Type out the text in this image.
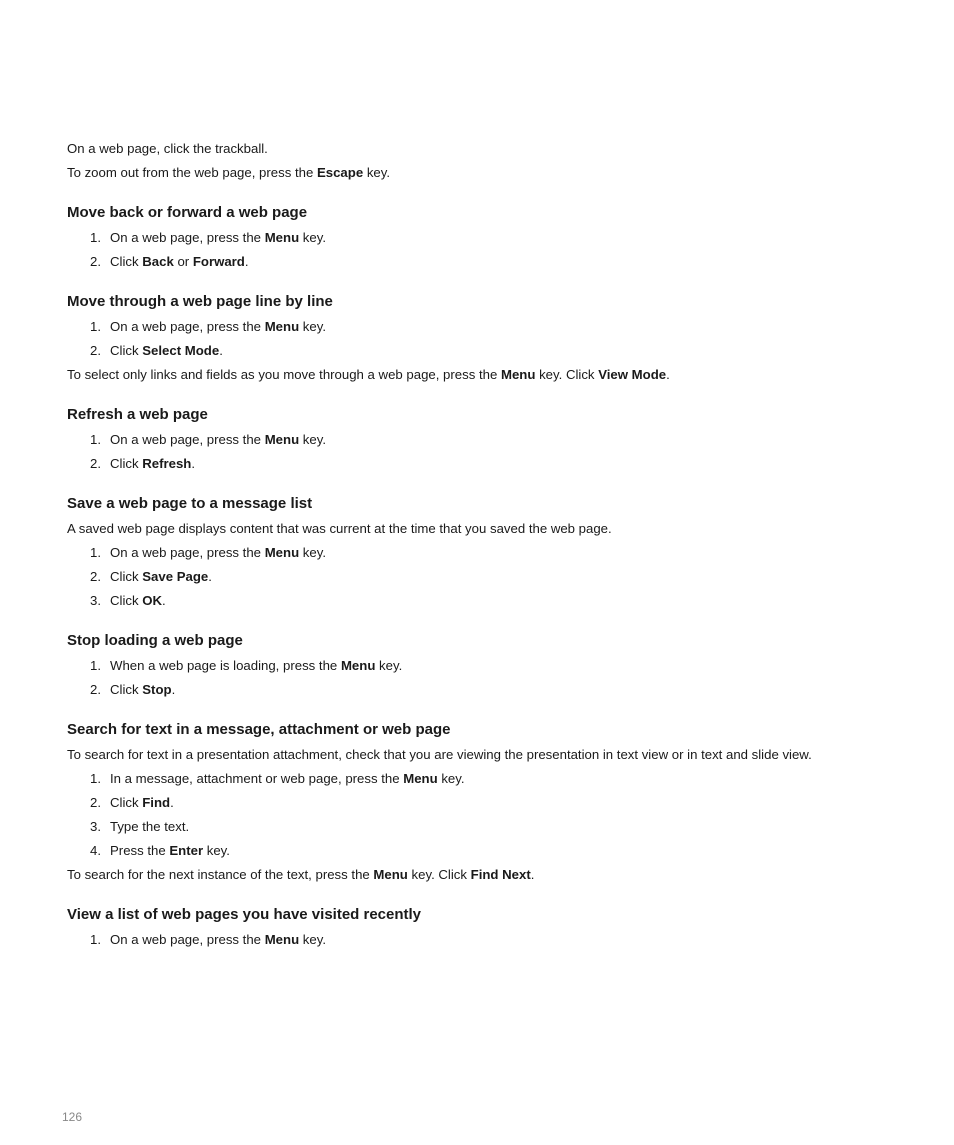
On a web page, click the trackball.

To zoom out from the web page, press the Escape key.

Move back or forward a web page
1. On a web page, press the Menu key.
2. Click Back or Forward.
Move through a web page line by line
1. On a web page, press the Menu key.
2. Click Select Mode.

To select only links and fields as you move through a web page, press the Menu key. Click View Mode.

Refresh a web page
1. On a web page, press the Menu key.
2. Click Refresh.
Save a web page to a message list

A saved web page displays content that was current at the time that you saved the web page.

1. On a web page, press the Menu key.
2. Click Save Page.
3. Click OK.
Stop loading a web page
1. When a web page is loading, press the Menu key.
2. Click Stop.
Search for text in a message, attachment or web page

To search for text in a presentation attachment, check that you are viewing the presentation in text view or in text and slide view.

1. In a message, attachment or web page, press the Menu key.
2. Click Find.
3. Type the text.
4. Press the Enter key.

To search for the next instance of the text, press the Menu key. Click Find Next.

View a list of web pages you have visited recently
1. On a web page, press the Menu key.
126
